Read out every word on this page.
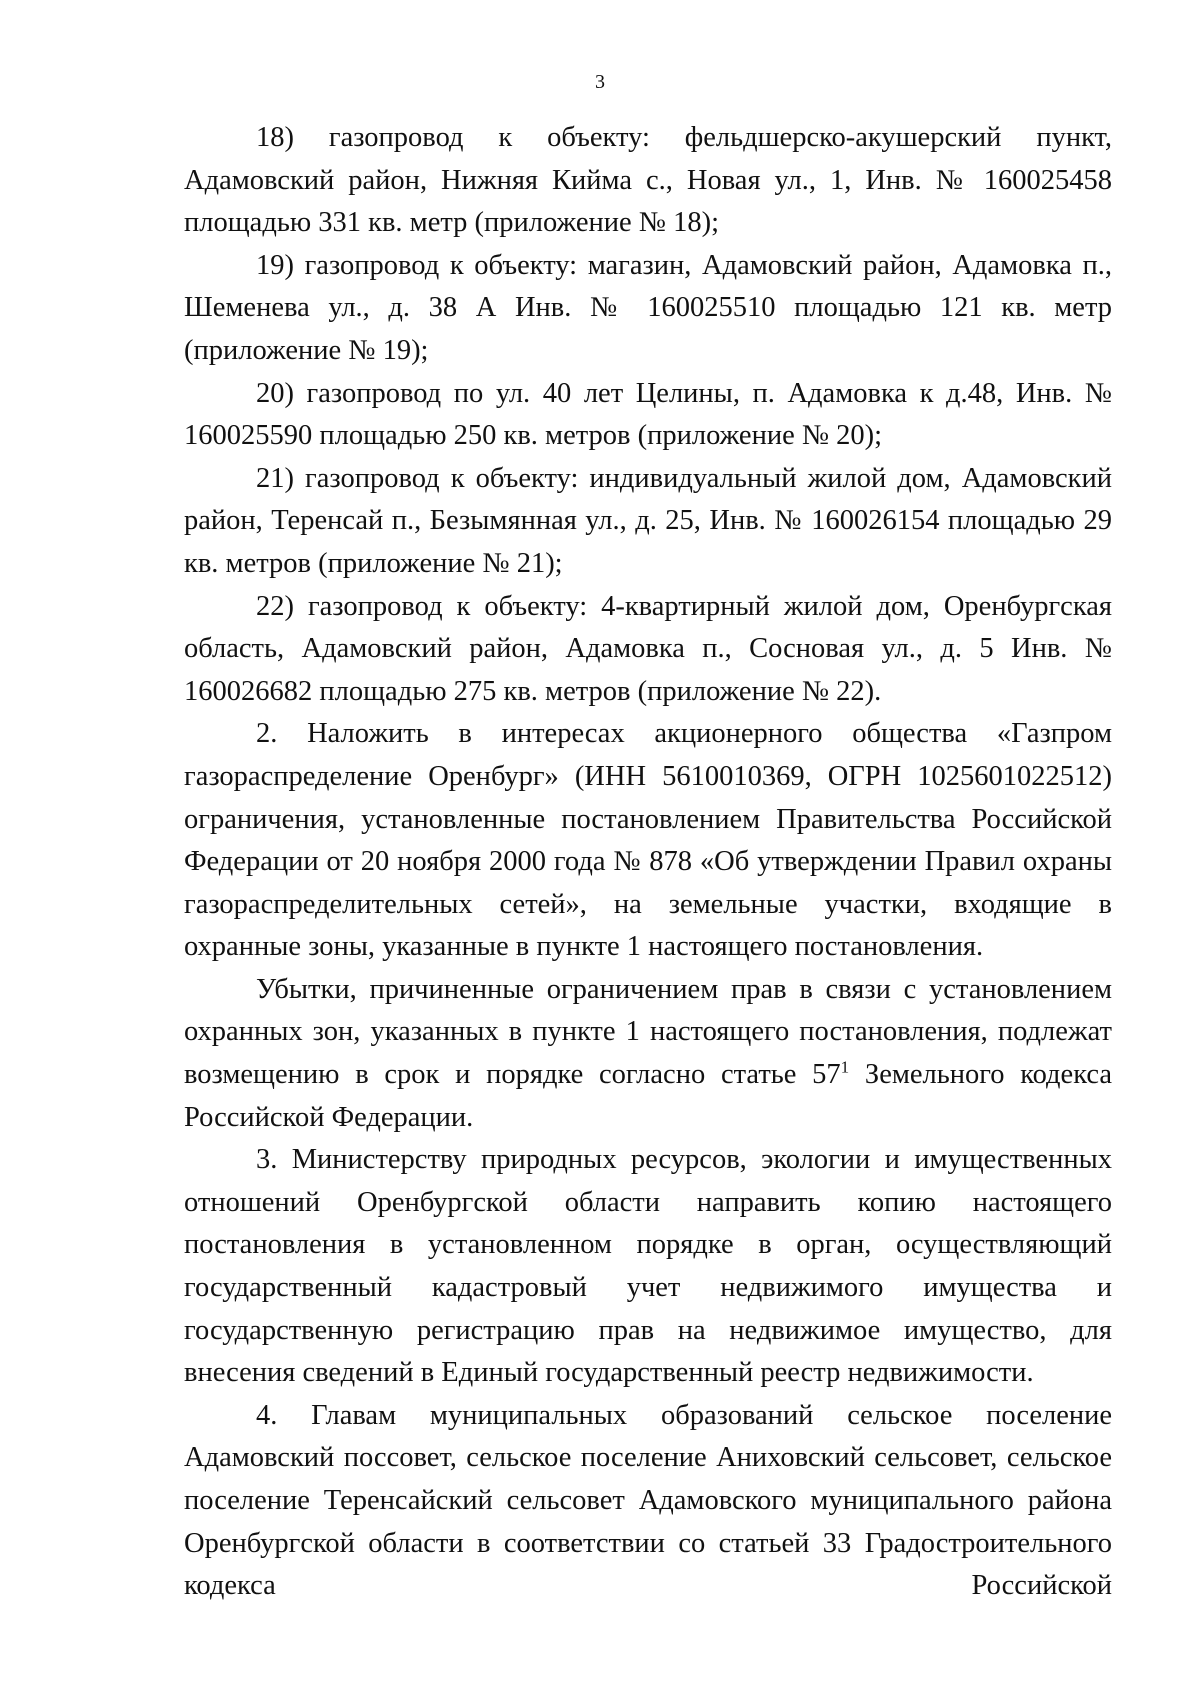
3

18) газопровод к объекту: фельдшерско-акушерский пункт, Адамовский район, Нижняя Кийма с., Новая ул., 1, Инв. № 160025458 площадью 331 кв. метр (приложение № 18);

19) газопровод к объекту: магазин, Адамовский район, Адамовка п., Шеменева ул., д. 38 А Инв. № 160025510 площадью 121 кв. метр (приложение № 19);

20) газопровод по ул. 40 лет Целины, п. Адамовка к д.48, Инв. № 160025590 площадью 250 кв. метров (приложение № 20);

21) газопровод к объекту: индивидуальный жилой дом, Адамовский район, Теренсай п., Безымянная ул., д. 25, Инв. № 160026154 площадью 29 кв. метров (приложение № 21);

22) газопровод к объекту: 4-квартирный жилой дом, Оренбургская область, Адамовский район, Адамовка п., Сосновая ул., д. 5 Инв. № 160026682 площадью 275 кв. метров (приложение № 22).

2. Наложить в интересах акционерного общества «Газпром газораспределение Оренбург» (ИНН 5610010369, ОГРН 1025601022512) ограничения, установленные постановлением Правительства Российской Федерации от 20 ноября 2000 года № 878 «Об утверждении Правил охраны газораспределительных сетей», на земельные участки, входящие в охранные зоны, указанные в пункте 1 настоящего постановления.

Убытки, причиненные ограничением прав в связи с установлением охранных зон, указанных в пункте 1 настоящего постановления, подлежат возмещению в срок и порядке согласно статье $57^1$ Земельного кодекса Российской Федерации.

3. Министерству природных ресурсов, экологии и имущественных отношений Оренбургской области направить копию настоящего постановления в установленном порядке в орган, осуществляющий государственный кадастровый учет недвижимого имущества и государственную регистрацию прав на недвижимое имущество, для внесения сведений в Единый государственный реестр недвижимости.

4. Главам муниципальных образований сельское поселение Адамовский поссовет, сельское поселение Аниховский сельсовет, сельское поселение Теренсайский сельсовет Адамовского муниципального района Оренбургской области в соответствии со статьей 33 Градостроительного кодекса Российской
